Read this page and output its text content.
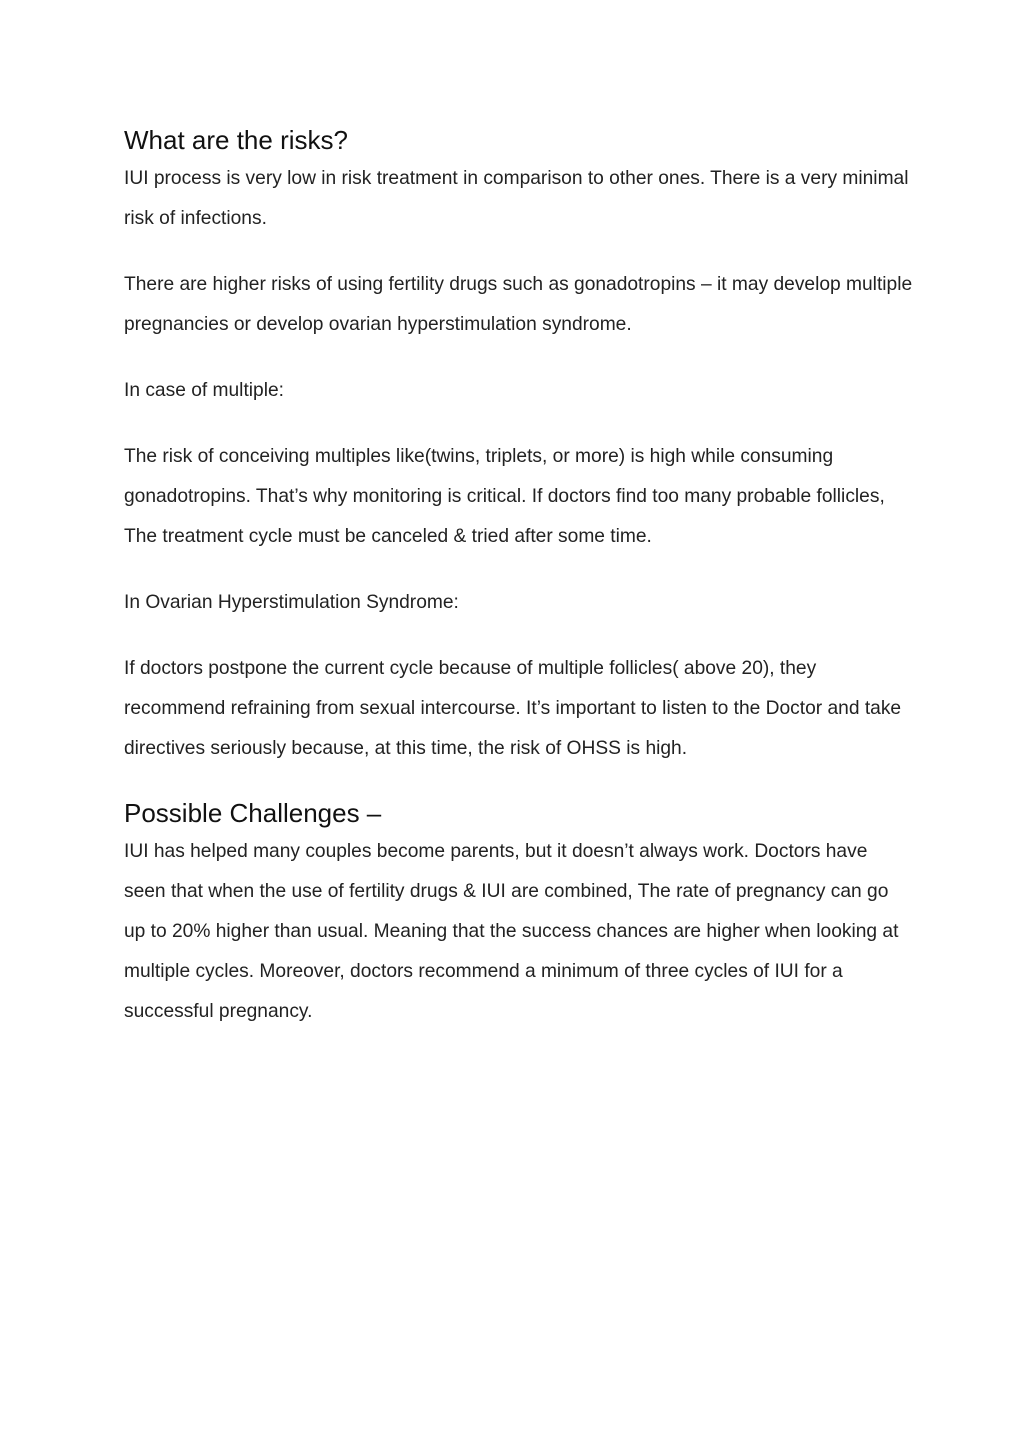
What are the risks?

IUI process is very low in risk treatment in comparison to other ones. There is a very minimal risk of infections.

There are higher risks of using fertility drugs such as gonadotropins – it may develop multiple pregnancies or develop ovarian hyperstimulation syndrome.

In case of multiple:

The risk of conceiving multiples like(twins, triplets, or more) is high while consuming gonadotropins. That’s why monitoring is critical. If doctors find too many probable follicles, The treatment cycle must be canceled & tried after some time.

In Ovarian Hyperstimulation Syndrome:

If doctors postpone the current cycle because of multiple follicles( above 20), they recommend refraining from sexual intercourse. It’s important to listen to the Doctor and take directives seriously because, at this time, the risk of OHSS is high.

Possible Challenges –

IUI has helped many couples become parents, but it doesn’t always work. Doctors have seen that when the use of fertility drugs & IUI are combined, The rate of pregnancy can go up to 20% higher than usual. Meaning that the success chances are higher when looking at multiple cycles. Moreover, doctors recommend a minimum of three cycles of IUI for a successful pregnancy.
